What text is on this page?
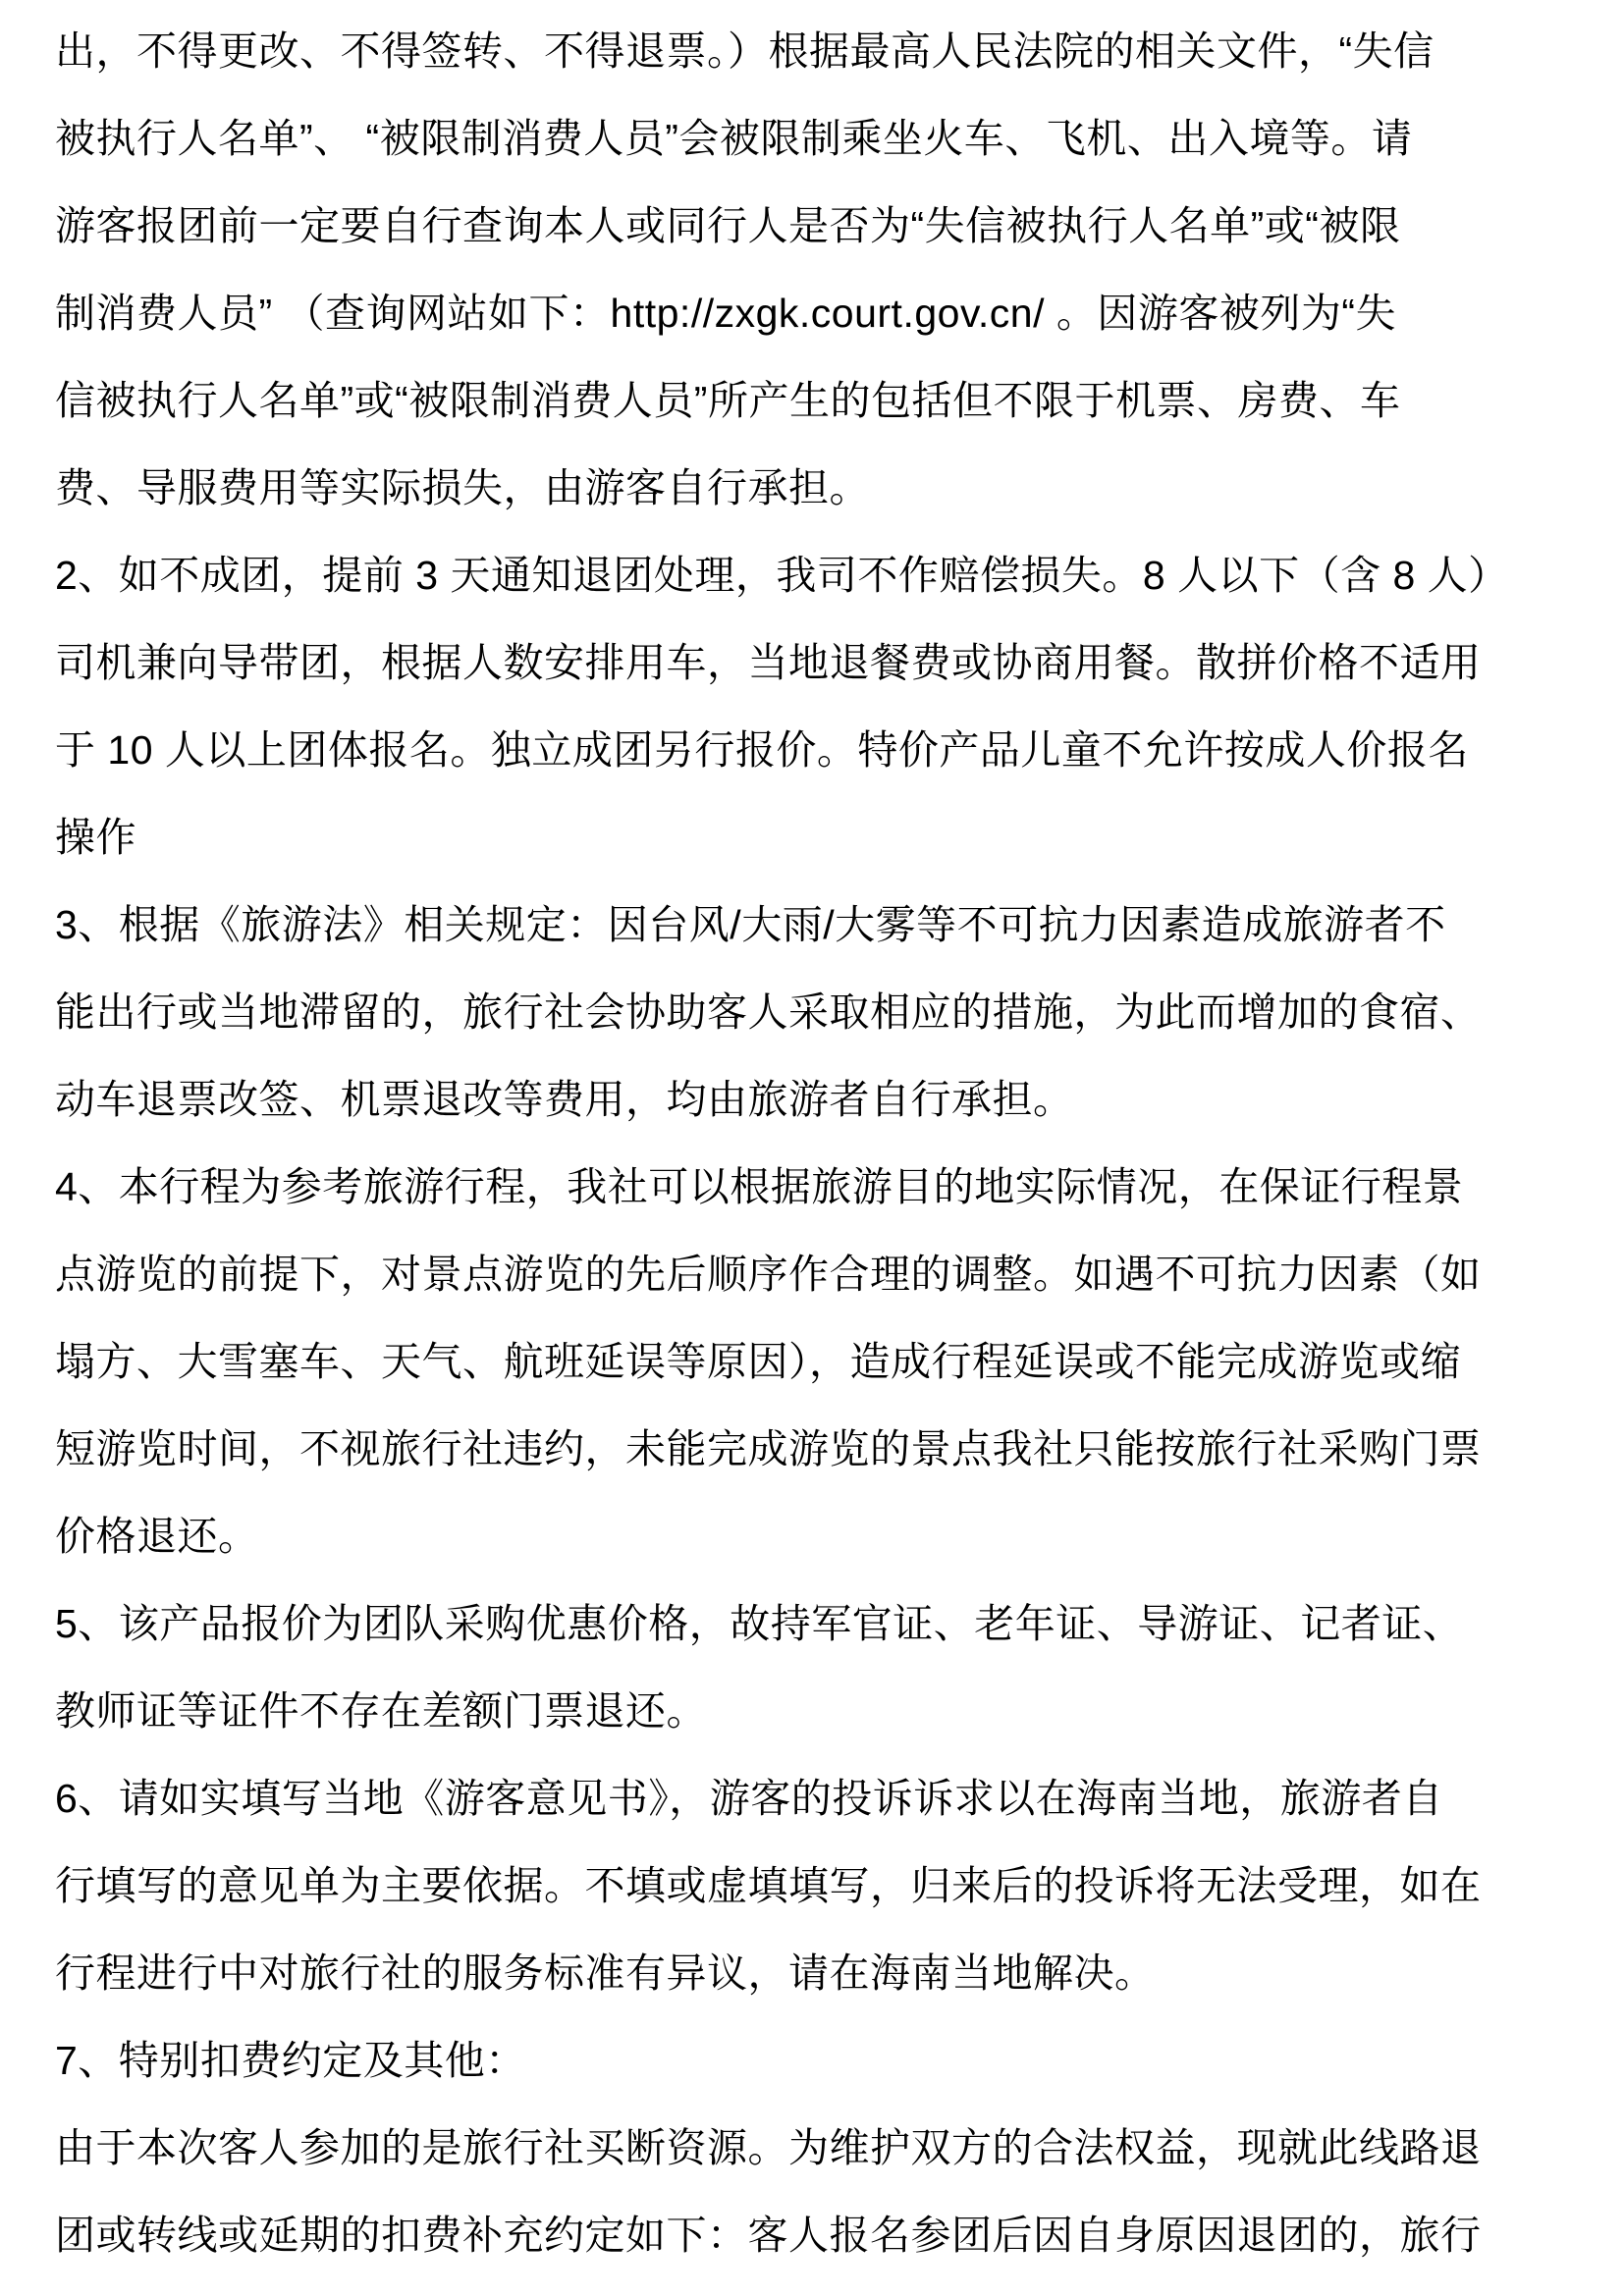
出，不得更改、不得签转、不得退票。）根据最高人民法院的相关文件，“失信
被执行人名单”、 “被限制消费人员”会被限制乘坐火车、飞机、出入境等。请
游客报团前一定要自行查询本人或同行人是否为“失信被执行人名单”或“被限
制消费人员” （查询网站如下：http://zxgk.court.gov.cn/ 。因游客被列为“失
信被执行人名单”或“被限制消费人员”所产生的包括但不限于机票、房费、车
费、导服费用等实际损失，由游客自行承担。
2、如不成团，提前 3 天通知退团处理，我司不作赔偿损失。8 人以下（含 8 人）
司机兼向导带团，根据人数安排用车，当地退餐费或协商用餐。散拼价格不适用
于 10 人以上团体报名。独立成团另行报价。特价产品儿童不允许按成人价报名
操作
3、根据《旅游法》相关规定：因台风/大雨/大雾等不可抗力因素造成旅游者不
能出行或当地滞留的，旅行社会协助客人采取相应的措施，为此而增加的食宿、
动车退票改签、机票退改等费用，均由旅游者自行承担。
4、本行程为参考旅游行程，我社可以根据旅游目的地实际情况，在保证行程景
点游览的前提下，对景点游览的先后顺序作合理的调整。如遇不可抗力因素（如
塌方、大雪塞车、天气、航班延误等原因），造成行程延误或不能完成游览或缩
短游览时间，不视旅行社违约，未能完成游览的景点我社只能按旅行社采购门票
价格退还。
5、该产品报价为团队采购优惠价格，故持军官证、老年证、导游证、记者证、
教师证等证件不存在差额门票退还。
6、请如实填写当地《游客意见书》，游客的投诉诉求以在海南当地，旅游者自
行填写的意见单为主要依据。不填或虚填填写，归来后的投诉将无法受理，如在
行程进行中对旅行社的服务标准有异议，请在海南当地解决。
7、特别扣费约定及其他：
由于本次客人参加的是旅行社买断资源。为维护双方的合法权益，现就此线路退
团或转线或延期的扣费补充约定如下：客人报名参团后因自身原因退团的，旅行
